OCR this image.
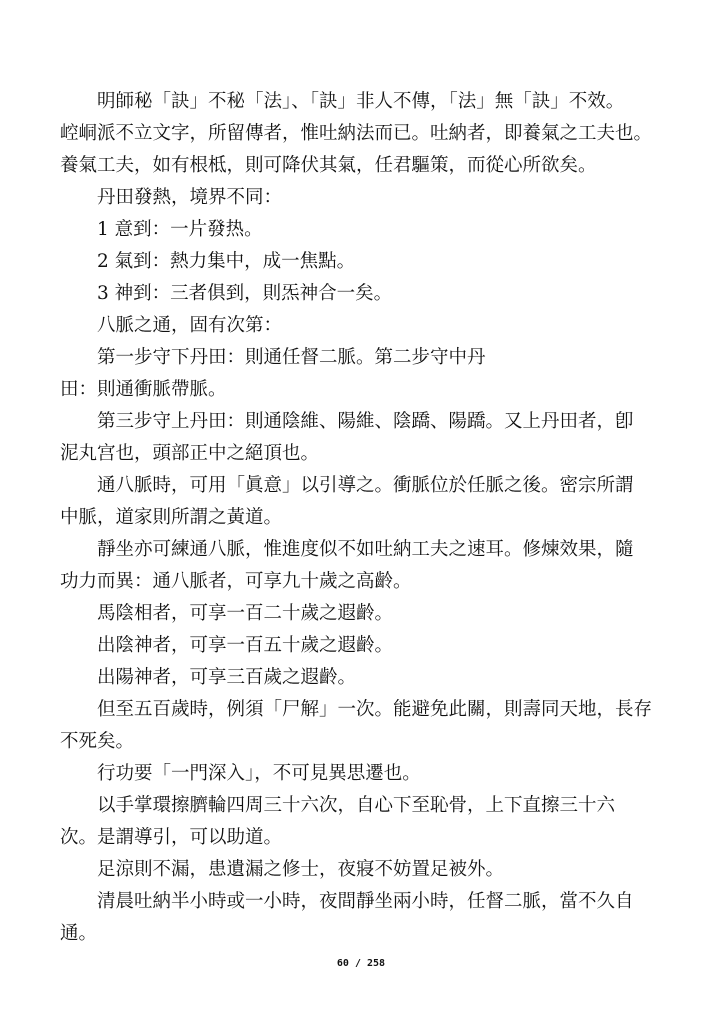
明師秘「訣」不秘「法」、「訣」非人不傳，「法」無「訣」不效。
崆峒派不立文字，所留傳者，惟吐納法而已。吐納者，即養氣之工夫也。
養氣工夫，如有根柢，則可降伏其氣，任君驅策，而從心所欲矣。
丹田發熱，境界不同：
1 意到：一片發热。
2 氣到：熱力集中，成一焦點。
3 神到：三者俱到，則炁神合一矣。
八脈之通，固有次第：
第一步守下丹田：則通任督二脈。第二步守中丹
田：則通衝脈帶脈。
第三步守上丹田：則通陰維、陽維、陰蹻、陽蹻。又上丹田者，卽
泥丸宫也，頭部正中之絕頂也。
通八脈時，可用「眞意」以引導之。衝脈位於任脈之後。密宗所謂
中脈，道家則所謂之黃道。
靜坐亦可練通八脈，惟進度似不如吐納工夫之速耳。修煉效果，隨
功力而異：通八脈者，可享九十歲之高齡。
馬陰相者，可享一百二十歲之遐齡。
出陰神者，可享一百五十歲之遐齡。
出陽神者，可享三百歲之遐齡。
但至五百歲時，例須「尸解」一次。能避免此關，則壽同天地，長存
不死矣。
行功要「一門深入」，不可見異思遷也。
以手掌環擦臍輪四周三十六次，自心下至恥骨，上下直擦三十六
次。是謂導引，可以助道。
足涼則不漏，患遺漏之修士，夜寢不妨置足被外。
清晨吐納半小時或一小時，夜間靜坐兩小時，任督二脈，當不久自
通。
60 / 258
